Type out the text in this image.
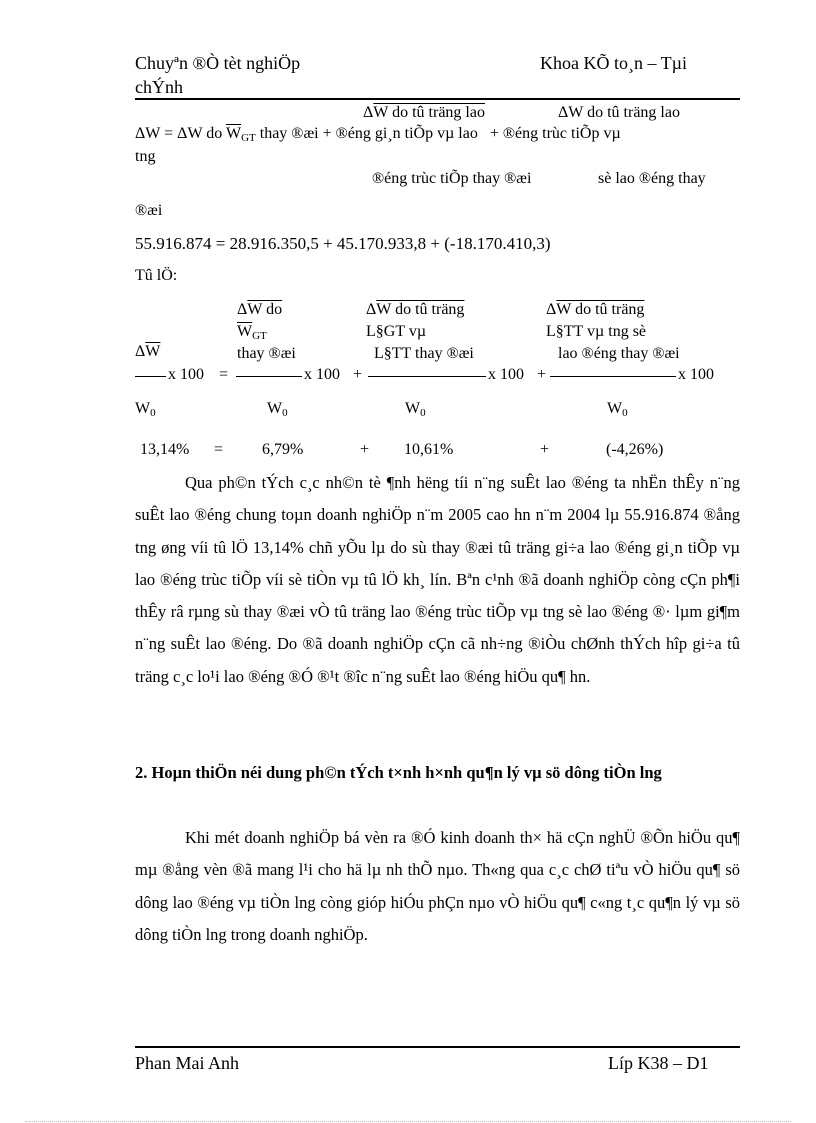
Chuyªn ®Ò tèt nghiÖp
chÝnh
Khoa KÕ to¸n – Tµi
ΔW do tû träng lao	ΔW do tû träng lao
ΔW = ΔW do $\overline{W}_{GT}$ thay ®æi + ®éng gi¸n tiÕp vµ lao + ®éng trùc tiÕp vµ
tng
®éng trùc tiÕp thay ®æi	sè lao ®éng thay
®æi
55.916.874 = 28.916.350,5 + 45.170.933,8 + (-18.170.410,3)
Tû lÖ:
ΔW do
$\overline{W}_{GT}$
thay ®æi
ΔW do tû träng
L§GT vµ
L§TT thay ®æi
ΔW do tû träng
L§TT vµ tng sè
lao ®éng thay ®æi
$\Delta\overline{W}$
x 100 =	x 100 +	x 100 +	x 100
$W_0$	$W_0$	$W_0$	$W_0$
13,14% = 6,79%	+ 10,61%	+	(-4,26%)
Qua ph©n tÝch c¸c nh©n tè ¶nh hëng tíi n¨ng suÊt lao ®éng ta nhËn thÊy n¨ng suÊt lao ®éng chung toµn doanh nghiÖp n¨m 2005 cao hn n¨m 2004 lµ 55.916.874 ®ång tng øng víi tû lÖ 13,14% chñ yÕu lµ do sù thay ®æi tû träng gi÷a lao ®éng gi¸n tiÕp vµ lao ®éng trùc tiÕp víi sè tiÒn vµ tû lÖ kh¸ lín. Bªn c¹nh ®ã doanh nghiÖp còng cÇn ph¶i thÊy râ rµng sù thay ®æi vÒ tû träng lao ®éng trùc tiÕp vµ tng sè lao ®éng ®· lµm gi¶m n¨ng suÊt lao ®éng. Do ®ã doanh nghiÖp cÇn cã nh÷ng ®iÒu chØnh thÝch hîp gi÷a tû träng c¸c lo¹i lao ®éng ®Ó ®¹t ®îc n¨ng suÊt lao ®éng hiÖu qu¶ hn.
2. Hoµn thiÖn néi dung ph©n tÝch t×nh h×nh qu¶n lý vµ sö dông tiÒn lng
Khi mét doanh nghiÖp bá vèn ra ®Ó kinh doanh th× hä cÇn nghÜ ®Õn hiÖu qu¶ mµ ®ång vèn ®ã mang l¹i cho hä lµ nh thÕ nµo. Th«ng qua c¸c chØ tiªu vÒ hiÖu qu¶ sö dông lao ®éng vµ tiÒn lng còng gióp hiÓu phÇn nµo vÒ hiÖu qu¶ c«ng t¸c qu¶n lý vµ sö dông tiÒn lng trong doanh nghiÖp.
Phan Mai Anh	Líp K38 – D1
